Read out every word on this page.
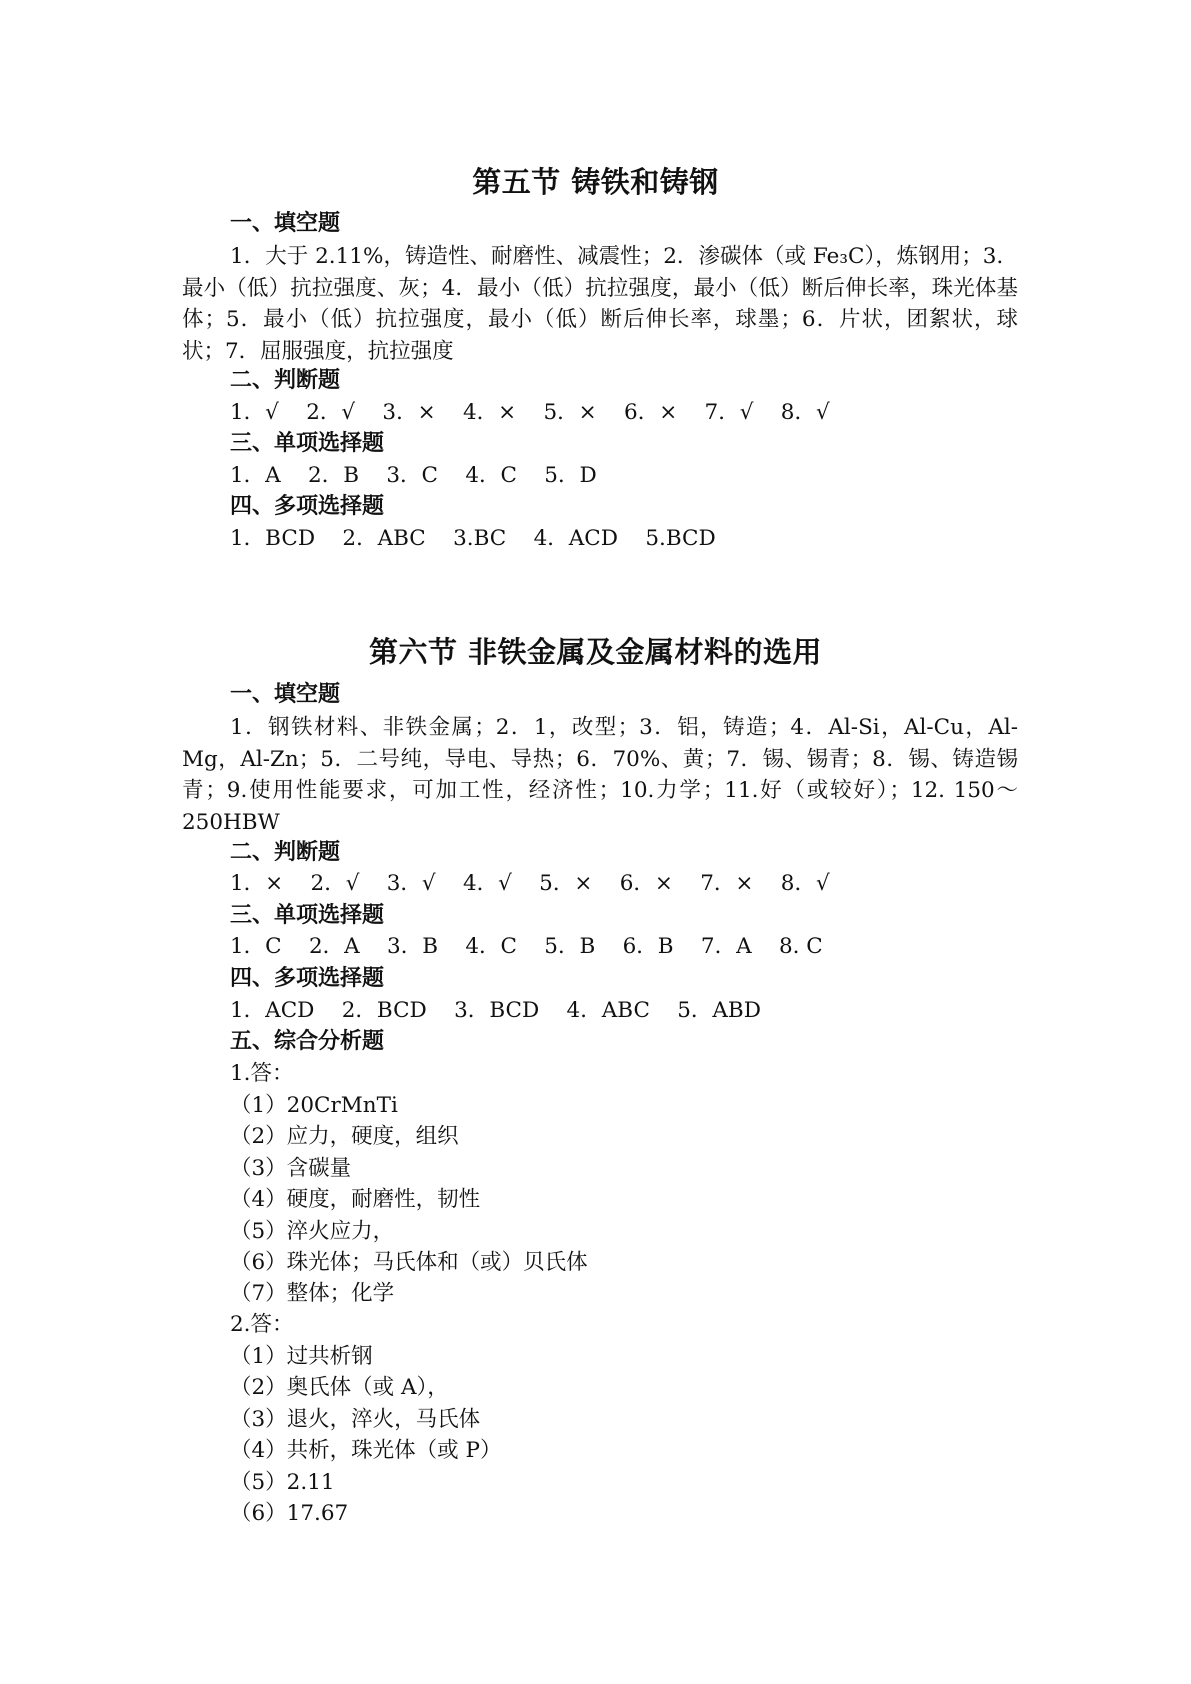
第五节 铸铁和铸钢

一、填空题

1．大于 2.11%，铸造性、耐磨性、减震性；2．渗碳体（或 Fe₃C），炼钢用；3．最小（低）抗拉强度、灰；4．最小（低）抗拉强度，最小（低）断后伸长率，珠光体基体；5．最小（低）抗拉强度，最小（低）断后伸长率，球墨；6．片状，团絮状，球状；7．屈服强度，抗拉强度

二、判断题

1．√    2．√    3．×    4．×    5．×    6．×    7．√    8．√

三、单项选择题

1．A    2．B    3．C    4．C    5．D

四、多项选择题

1．BCD    2．ABC    3.BC    4．ACD    5.BCD

第六节 非铁金属及金属材料的选用

一、填空题

1．钢铁材料、非铁金属；2．1，改型；3．铝，铸造；4．Al-Si，Al-Cu，Al-Mg，Al-Zn；5．二号纯，导电、导热；6．70%、黄；7．锡、锡青；8．锡、铸造锡青；9.使用性能要求，可加工性，经济性；10.力学；11.好（或较好）；12. 150～250HBW

二、判断题

1．×    2．√    3．√    4．√    5．×    6．×    7．×    8．√

三、单项选择题

1．C    2．A    3．B    4．C    5．B    6．B    7．A    8. C

四、多项选择题

1．ACD    2．BCD    3．BCD    4．ABC    5．ABD

五、综合分析题

1.答：

（1）20CrMnTi
（2）应力，硬度，组织
（3）含碳量
（4）硬度，耐磨性，韧性
（5）淬火应力，
（6）珠光体；马氏体和（或）贝氏体
（7）整体；化学

2.答：

（1）过共析钢
（2）奥氏体（或 A），
（3）退火，淬火，马氏体
（4）共析，珠光体（或 P）
（5）2.11
（6）17.67
